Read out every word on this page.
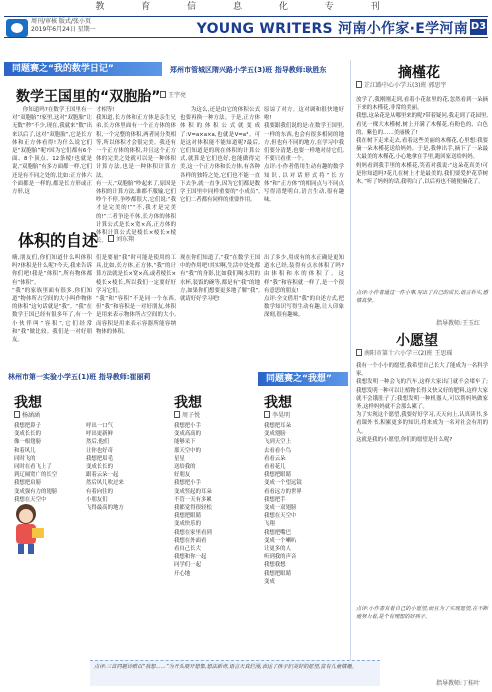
教 育 信 息 化 专 刊
周刊/审核 版式/张小页
2019年6月24日 星期一	YOUNG WRITERS 河南小作家·E学河南 D3
同题赛之“我的数学日记”	郑州市管城区隋兴路小学五(3)班 指导教师:耿胜东
数学王国里的“双胞胎”	王宇亮

你知道吗?在数学王国里有一对“双胞胎”!家里,这对“双胞胎”让无数“秒”不少,现在,我就来“数”出来以后了,这对“双胞胎”,它是长方体和正方体看得!为什么说它们是“双胞胎”呢?因为它们都有6个面、8个顶点、12条棱!也就是说,“双胞胎”有多方面都一样,它们还是有不同之处的,比如:正方体六个面都是一样的,都是长方形或正方形,这

才相等!
我知道,长方体和正方体是亲生兄弟,长方体里面有一个正方体的体积,一个完整的体积,两者同分类相等,所以体积才会很完美。我还有一个正方体的体积,并且这个正方体的完美之处就可以是一种体积计算方法,也是一种体积计算方法。
有一天,“双胞胎”吵起来了,原因是体积的计算方法,谁都不服输,它们吵个不停,争吵都很大,它们说:“我才是完美的!”“不,我才是完美的!”二者争论不休,长方体的体积计算公式是长×宽×高,正方体的体积计算公式是棱长×棱长×棱长,

为这么,还是由它的体积公式也要再换一种方法。于是,正方体体积的体积公式就变成了:V=a×a×a,也就是V=a³。可是这对体积能不能知道呢?最后,它们知道是的现在体积的计算公式,就算是它们也好,也能做得完美,这一个正方体和长方体,有各种各样的独特之处,它们也不能一直下去争,就一直争,因为它们都是数学王国里中同样重要的“小成员”,它们二者都有同样的重要作用。

原谅了对方。这对调和很快地好啦!
我要跟我们说的是:在数学王国里,一样的东西,也会有很多相同的地方,但也有不同的地方,在学习中我们要分清楚,也要一样地对待它们,不要只看重一个。
点评:小作者借用生动有趣的数学知识,以对话形式将“长方体”和“正方体”的相同点与不同点写得清楚明白,语言生动,很有趣味。
体积的自述	刘东翔
嗨,朋友们,你们知道什么叫体积吗?体积是什么呢?今天,我来告诉你们吧!我是“体积”,所有物体都有“体积”。
“我”的家族里面有很多,你们知道“物体所占空间的大小叫作物体的体积”这句话就是“我”。“我”在数学王国已经有很多年了,有一个小伙伴叫“容积”,它们经常和“我”做比较。我们是一对好朋友。
们是要量“我”时可能是使用的工具,比如,长方体,正方体,“我”的计算方法就是长×宽×高,或者棱长×棱长×棱长,所以我们一定要好好学习它们。
“我”和“容积”不是同一个东西,但“我”和容积是一对好朋友,体积是用来表示物体所占空间的大小,而容积是用来表示容器所能容纳物体的体积。
现在你们知道了,“我”在数学王国中的作用吧!其实啊,生活中处处都有“我”的身影,比如我们喝水用的水杯,装饭的碗等,都是有“我”的地方,如果你们想要更多地了解“我”,就请好好学习吧!
出了多少,用成有的水正确是更知道水已经,装得有点水体积了吗?由体积和水的体积了。这样“我”和容积就一样了,是一个很有意思的朋友!
点评:全文借用“我”的自述方式,把数学知识写得生动有趣,让人印象深刻,很有趣味。
林州市第一实验小学五(1)班 指导教师:崔丽莉	同题赛之“我想”
我想
杨涵涵
我想把鼻子
变成长长的
像一根翅膀
和着风儿
同时飞的
同时在看飞上了
到辽阔宽广的长空
我想把肩膀
变成强有力的翅膀
我想在天空中
呼出一口气
呼出更新鲜
然后,他们
让你也好奇
我想把眉毛
变成长长的
跟着云朵一起
然后风儿吹过来
有着向往的
小朋友们
飞得最高的地方
我想
周子悦
我想把小手
变成高高的
能够采下
那天空中的
星星
送给我的
好朋友
我想把小手
变成竖起的耳朵
不管一天有多累
我都觉得很轻松
我想把眼睛
变成快乐的
我想在家里看到
我想在外面看
看自己长大
我想和你一起
同学们一起
开心地
我想
李昊明
我想把耳朵
变成翅膀
飞到天空上
去看看小鸟
看看云朵
看看花儿
我想把眼睛
变成一个望远镜
看看远方的世界
我想把手
变成一双翅膀
我想在天空中
飞翔
我想把嘴巴
变成一个喇叭
让更多的人
听到我的声音
我想我想
我想把眼睛
变成
点评:三首同题诗歌以“我想……”为开头展开想象,想法新奇,语言天真烂漫,表达了孩子们美好的愿望,富有儿童情趣。
摘槿花
芷江路中心小学五(3)班 郭思宇
放学了,我刚刚走到,看着小花盆里的花,忽然看到一朵摘下来的木槿花,非常的美丽。
我想,这朵花是从哪里来的呢?带着疑问,我走到了花园里,看见一棵大木槿树,树上开满了木槿花,有粉色的、白色的、紫色的……美丽极了!
我在树下走来走去,看着这些美丽的木槿花,心里想:我要摘一朵木槿花送给妈妈。于是,我伸出手,摘下了一朵最大最美的木槿花,小心地拿在手里,跑回家送给妈妈。
妈妈看到我手里的木槿花,笑着对我说:“这朵花真美!可是你知道吗?花儿在树上才是最美的,我们要爱护花草树木。”听了妈妈的话,我明白了,以后再也不随便摘花了。
点评:小作者通过一件小事,写出了自己的成长,语言朴实,感情真挚。
指导教师:王玉红
小愿望
南阳市第十六小学三(2)班 王思瑶
我有一个小小的愿望,我希望自己长大了能成为一名科学家。
我想发明一种会飞的汽车,这样大家出门就不会堵车了;我想发明一种可以让植物长得又快又好的肥料,这样大家就不会饿肚子了;我想发明一种机器人,可以帮妈妈做家务,这样妈妈就不会那么累了。
为了实现这个愿望,我要好好学习,天天向上,认真读书,多看课外书,积累更多的知识,将来成为一名对社会有用的人。
这就是我的小愿望,你们的愿望是什么呢?
点评:小作者有着自己的小愿望,而且为了实现愿望,在不断地努力着,是个有理想的好孩子。
指导教师:丁桂叶
